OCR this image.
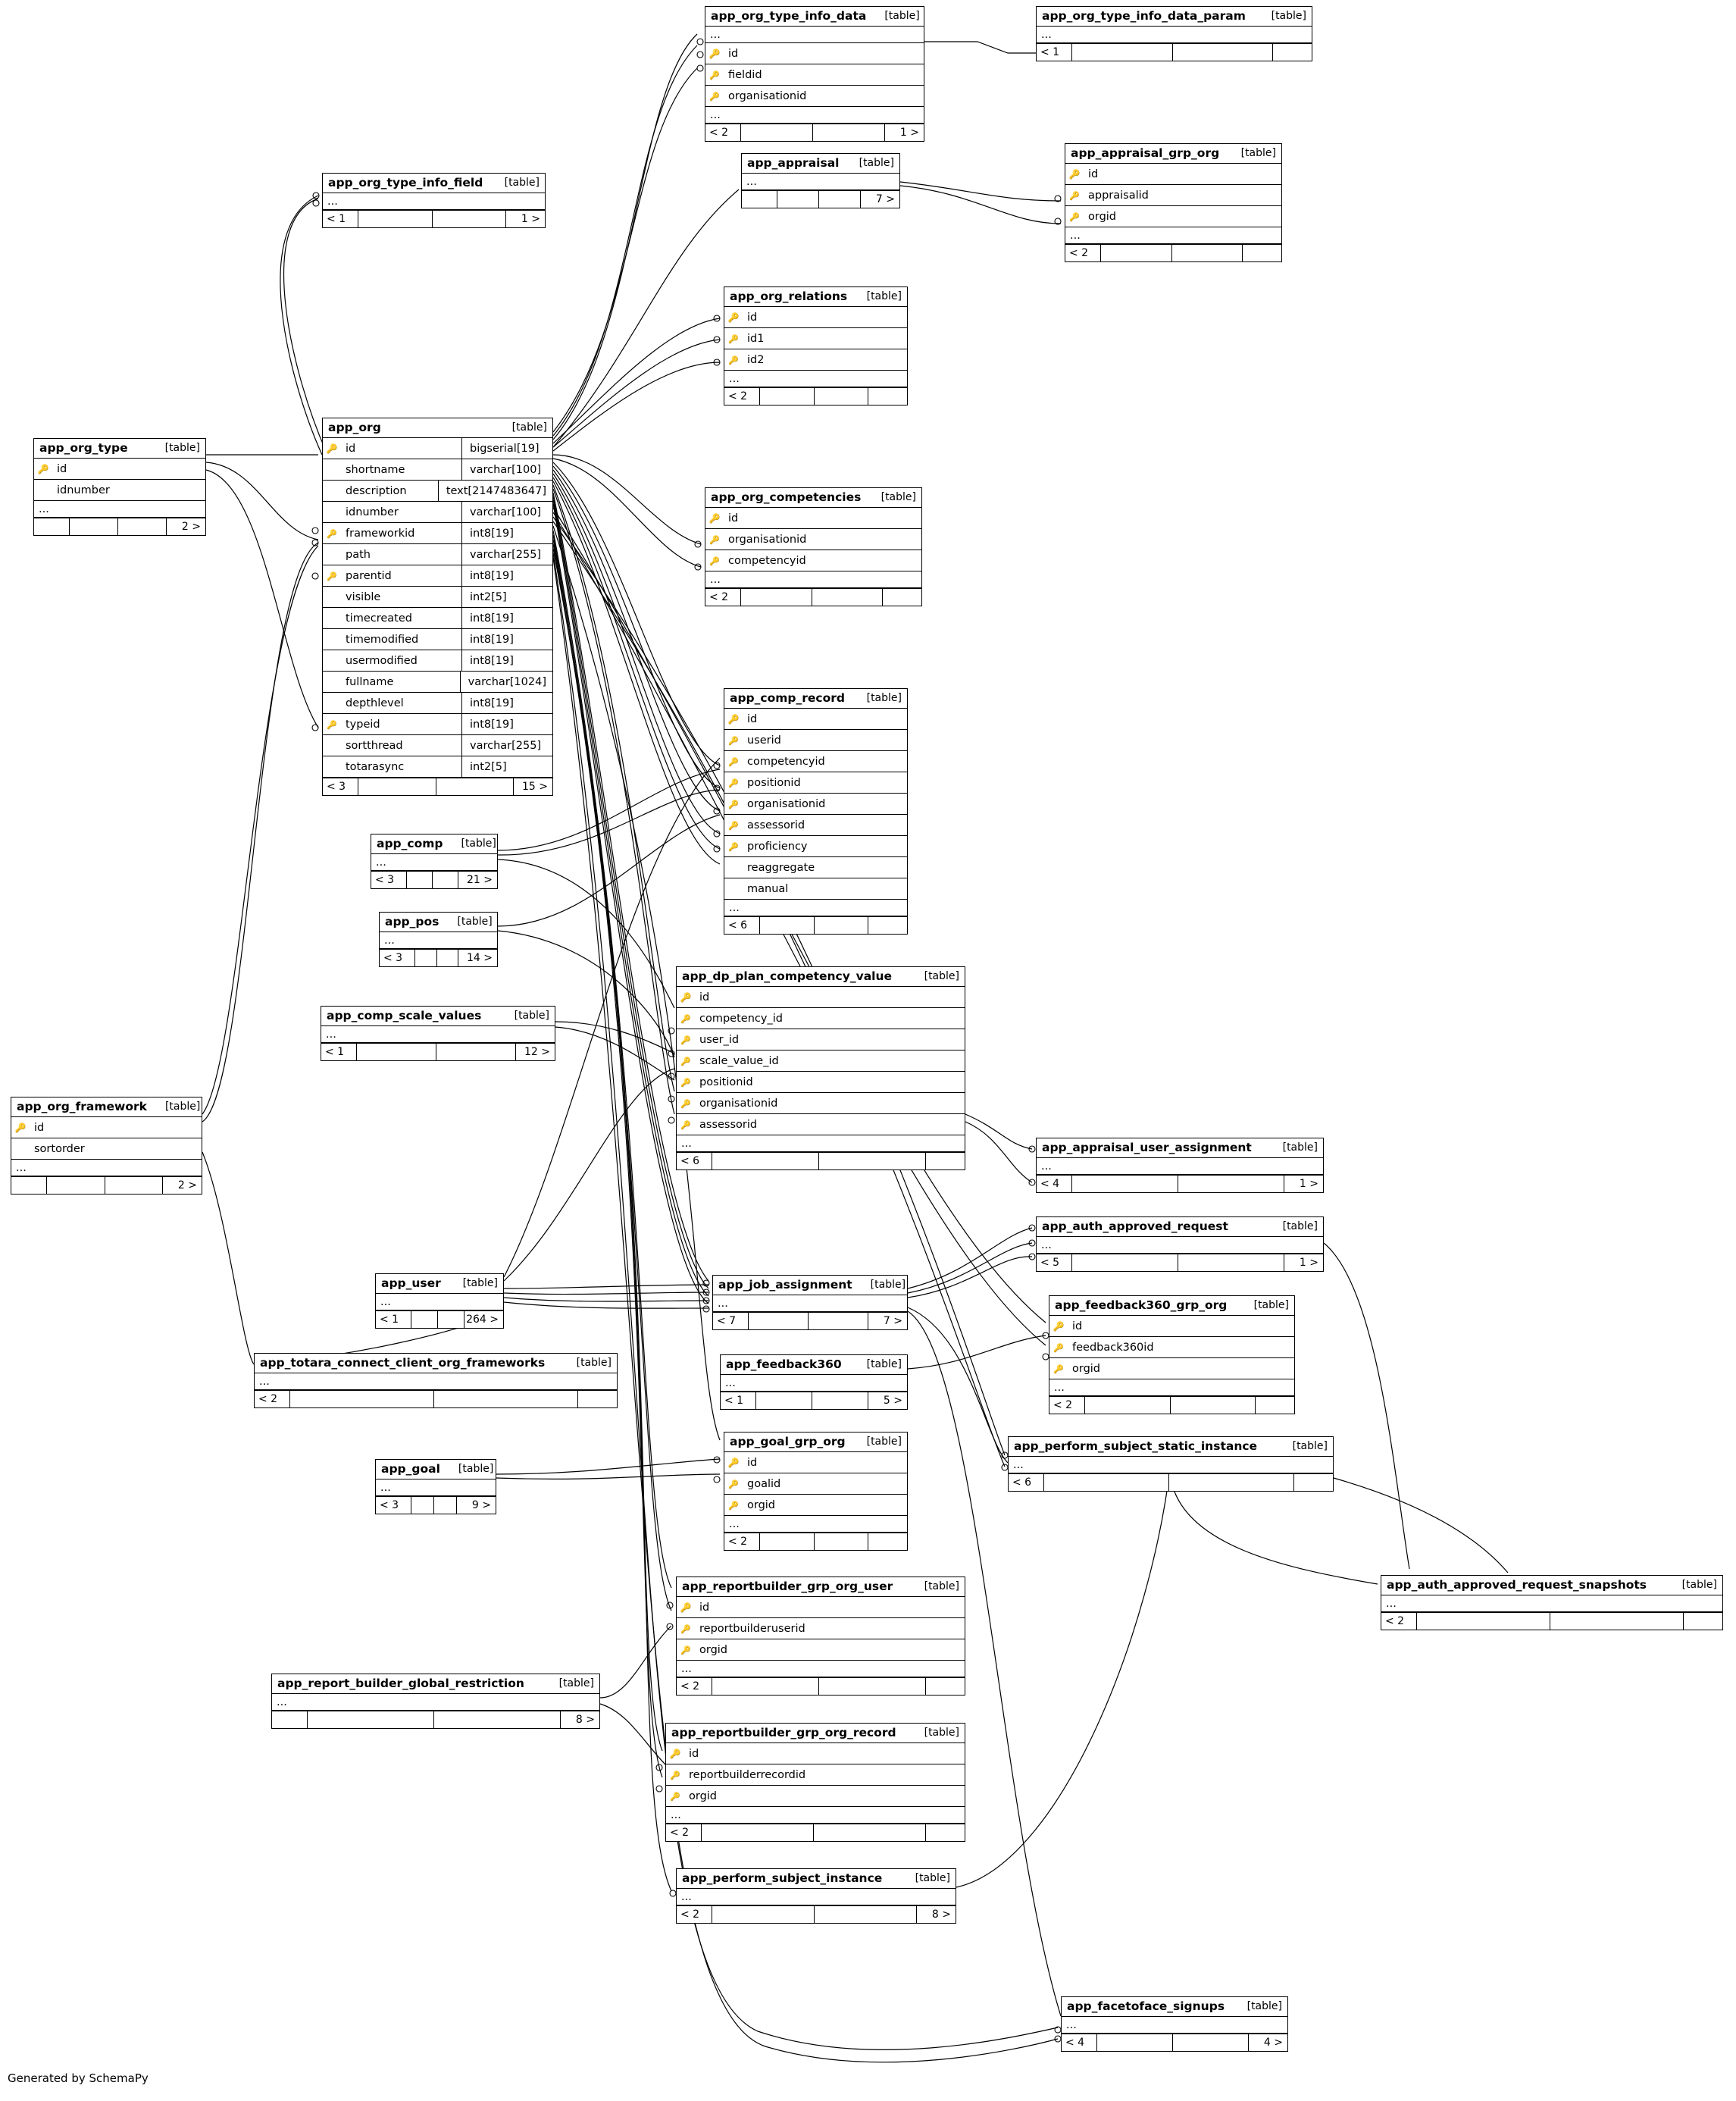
app_org_type_info_data	[table]
...
🔑
id
🔑
fieldid
🔑
organisationid
...
< 2	1 >
app_org_type_info_data_param	[table]
...
< 1
app_org_type_info_field	[table]
...
< 1	1 >
app_appraisal	[table]
...
7 >
app_appraisal_grp_org	[table]
🔑
id
🔑
appraisalid
🔑
orgid
...
< 2
app_org_relations	[table]
🔑
id
🔑
id1
🔑
id2
...
< 2
app_org_type	[table]
🔑
id
idnumber
...
2 >
app_org	[table]
🔑
id	bigserial[19]
shortname	varchar[100]
description	text[2147483647]
idnumber	varchar[100]
🔑
frameworkid	int8[19]
path	varchar[255]
🔑
parentid	int8[19]
visible	int2[5]
timecreated	int8[19]
timemodified	int8[19]
usermodified	int8[19]
fullname	varchar[1024]
depthlevel	int8[19]
🔑
typeid	int8[19]
sortthread	varchar[255]
totarasync	int2[5]
< 3	15 >
app_org_competencies	[table]
🔑
id
🔑
organisationid
🔑
competencyid
...
< 2
app_comp_record	[table]
🔑
id
🔑
userid
🔑
competencyid
🔑
positionid
🔑
organisationid
🔑
assessorid
🔑
proficiency
reaggregate
manual
...
< 6
app_comp	[table]
...
< 3	21 >
app_pos	[table]
...
< 3	14 >
app_comp_scale_values	[table]
...
< 1	12 >
app_dp_plan_competency_value	[table]
🔑
id
🔑
competency_id
🔑
user_id
🔑
scale_value_id
🔑
positionid
🔑
organisationid
🔑
assessorid
...
< 6
app_org_framework	[table]
🔑
id
sortorder
...
2 >
app_appraisal_user_assignment	[table]
...
< 4	1 >
app_auth_approved_request	[table]
...
< 5	1 >
app_user	[table]
...
< 1	264 >
app_job_assignment	[table]
...
< 7	7 >
app_feedback360_grp_org	[table]
🔑
id
🔑
feedback360id
🔑
orgid
...
< 2
app_totara_connect_client_org_frameworks	[table]
...
< 2
app_feedback360	[table]
...
< 1	5 >
app_perform_subject_static_instance	[table]
...
< 6
app_goal	[table]
...
< 3	9 >
app_goal_grp_org	[table]
🔑
id
🔑
goalid
🔑
orgid
...
< 2
app_auth_approved_request_snapshots	[table]
...
< 2
app_reportbuilder_grp_org_user	[table]
🔑
id
🔑
reportbuilderuserid
🔑
orgid
...
< 2
app_report_builder_global_restriction	[table]
...
8 >
app_reportbuilder_grp_org_record	[table]
🔑
id
🔑
reportbuilderrecordid
🔑
orgid
...
< 2
app_perform_subject_instance	[table]
...
< 2	8 >
app_facetoface_signups	[table]
...
< 4	4 >
Generated by SchemaPy
